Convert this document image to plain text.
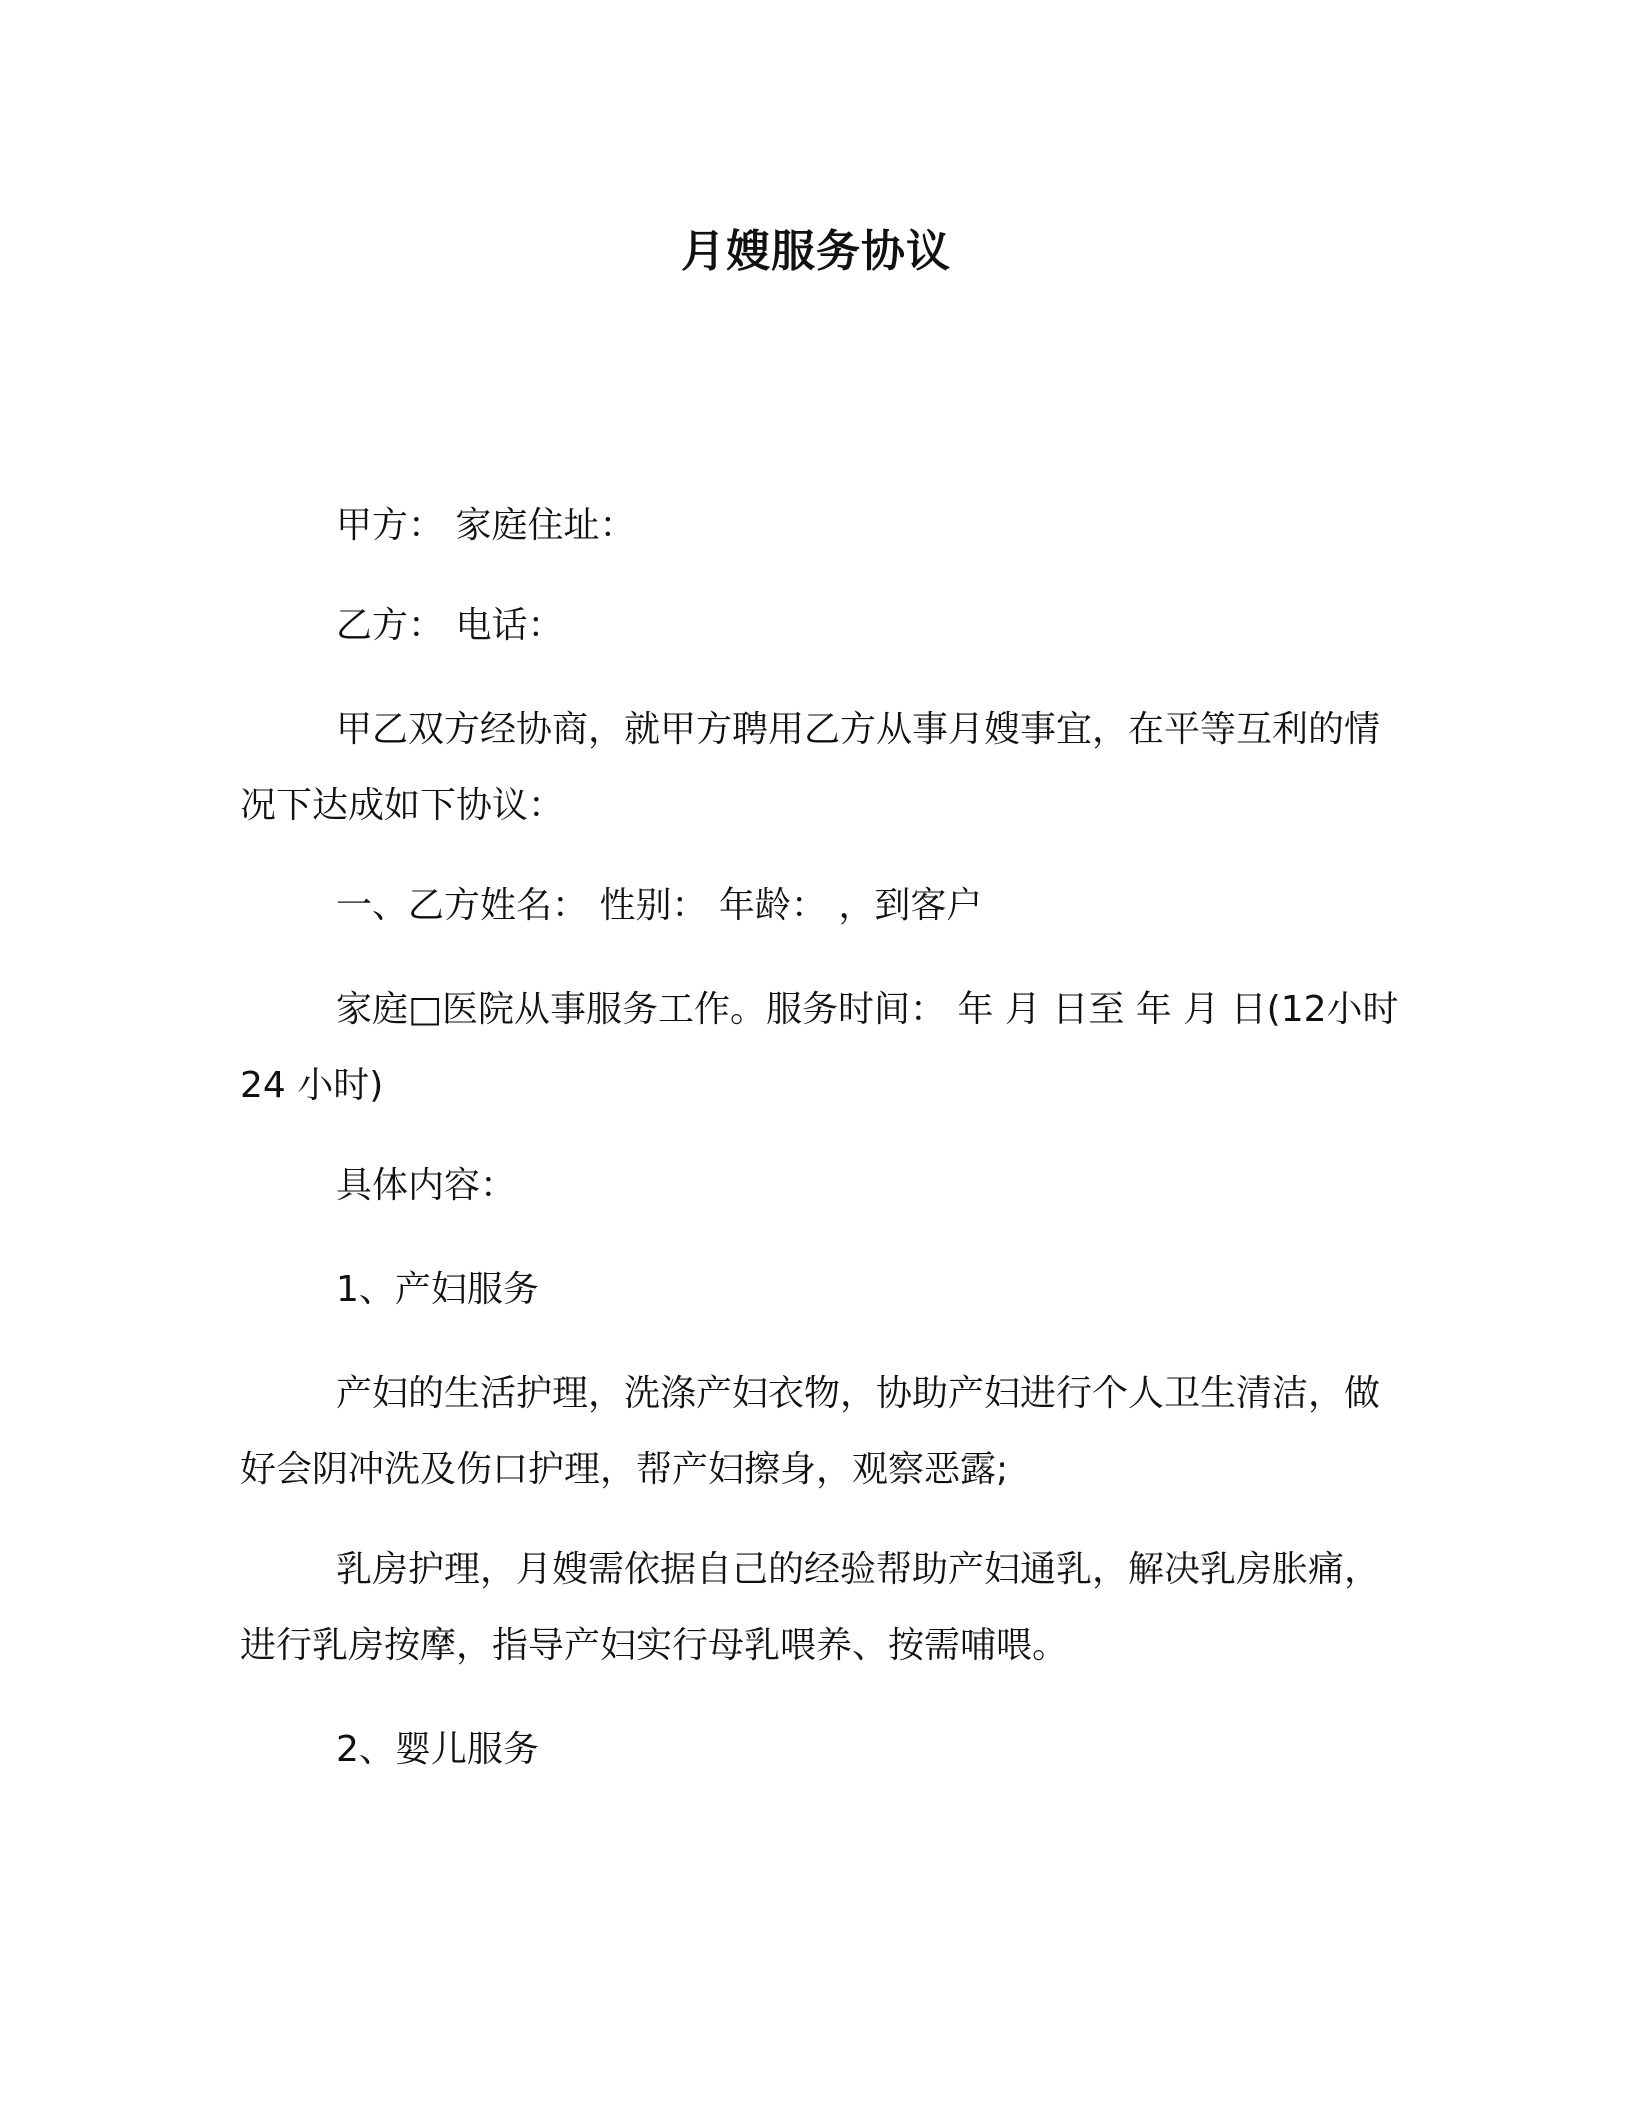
月嫂服务协议

甲方： 家庭住址：

乙方： 电话：

甲乙双方经协商，就甲方聘用乙方从事月嫂事宜，在平等互利的情况下达成如下协议：

一、乙方姓名： 性别： 年龄： ，到客户

家庭□医院从事服务工作。服务时间： 年 月 日至 年 月 日(12小时 24 小时)

具体内容：

1、产妇服务

产妇的生活护理，洗涤产妇衣物，协助产妇进行个人卫生清洁，做好会阴冲洗及伤口护理，帮产妇擦身，观察恶露;

乳房护理，月嫂需依据自己的经验帮助产妇通乳，解决乳房胀痛，进行乳房按摩，指导产妇实行母乳喂养、按需哺喂。

2、婴儿服务
